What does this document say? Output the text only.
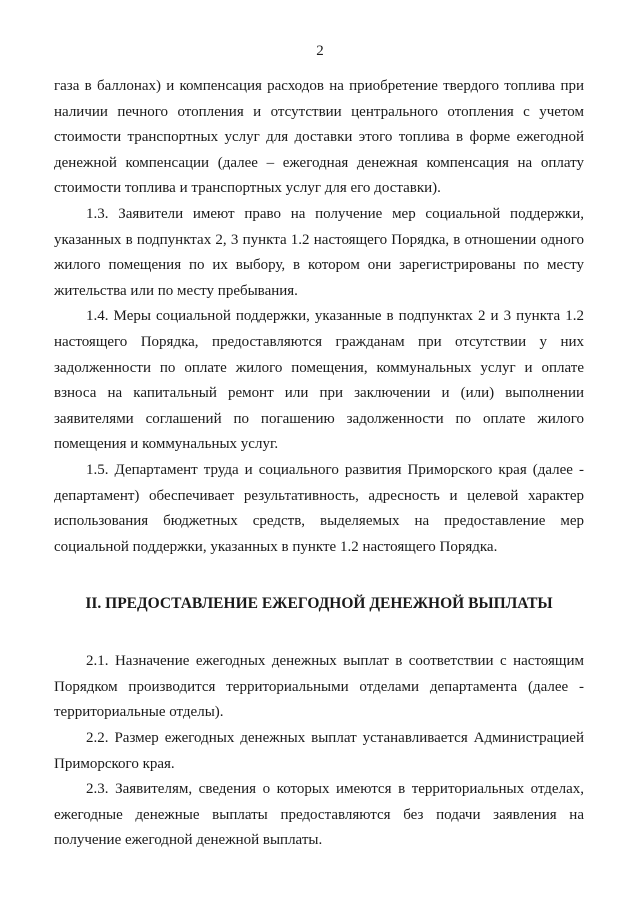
2

газа в баллонах) и компенсация расходов на приобретение твердого топлива при наличии печного отопления и отсутствии центрального отопления с учетом стоимости транспортных услуг для доставки этого топлива в форме ежегодной денежной компенсации (далее – ежегодная денежная компенсация на оплату стоимости топлива и транспортных услуг для его доставки).

1.3. Заявители имеют право на получение мер социальной поддержки, указанных в подпунктах 2, 3 пункта 1.2 настоящего Порядка, в отношении одного жилого помещения по их выбору, в котором они зарегистрированы по месту жительства или по месту пребывания.

1.4. Меры социальной поддержки, указанные в подпунктах 2 и 3 пункта 1.2 настоящего Порядка, предоставляются гражданам при отсутствии у них задолженности по оплате жилого помещения, коммунальных услуг и оплате взноса на капитальный ремонт или при заключении и (или) выполнении заявителями соглашений по погашению задолженности по оплате жилого помещения и коммунальных услуг.

1.5. Департамент труда и социального развития Приморского края (далее - департамент) обеспечивает результативность, адресность и целевой характер использования бюджетных средств, выделяемых на предоставление мер социальной поддержки, указанных в пункте 1.2 настоящего Порядка.

II. ПРЕДОСТАВЛЕНИЕ ЕЖЕГОДНОЙ ДЕНЕЖНОЙ ВЫПЛАТЫ

2.1. Назначение ежегодных денежных выплат в соответствии с настоящим Порядком производится территориальными отделами департамента (далее - территориальные отделы).

2.2. Размер ежегодных денежных выплат устанавливается Администрацией Приморского края.

2.3. Заявителям, сведения о которых имеются в территориальных отделах, ежегодные денежные выплаты предоставляются без подачи заявления на получение ежегодной денежной выплаты.
